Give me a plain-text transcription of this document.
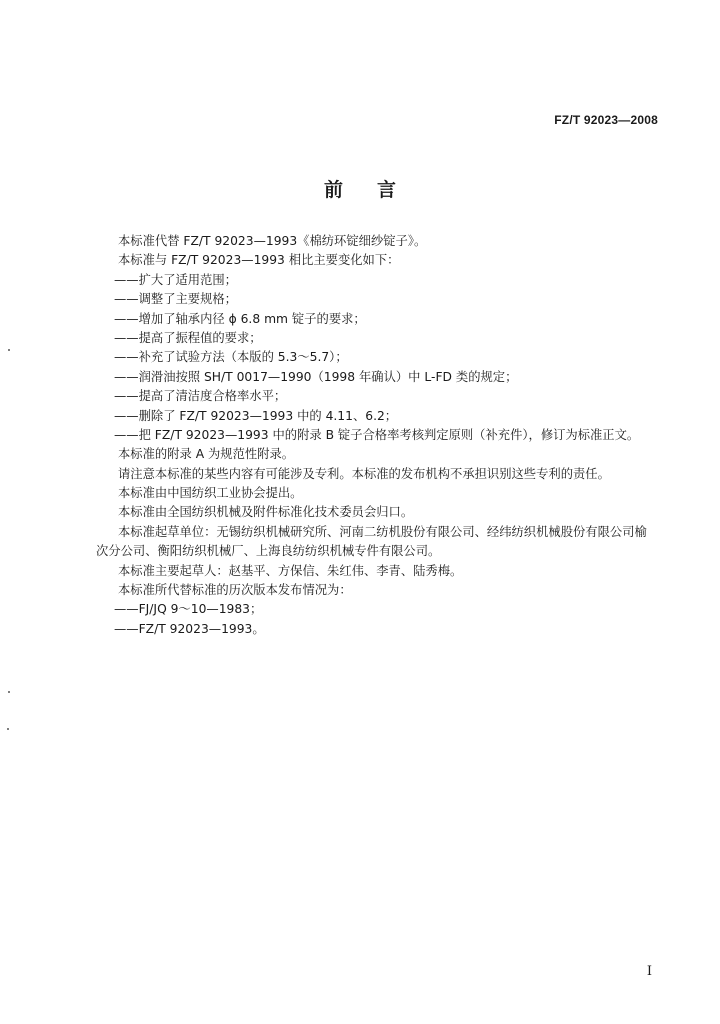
FZ/T 92023—2008
前 言
本标准代替 FZ/T 92023—1993《棉纺环锭细纱锭子》。
本标准与 FZ/T 92023—1993 相比主要变化如下：
——扩大了适用范围；
——调整了主要规格；
——增加了轴承内径 ϕ 6.8 mm 锭子的要求；
——提高了振程值的要求；
——补充了试验方法（本版的 5.3～5.7）；
——润滑油按照 SH/T 0017—1990（1998 年确认）中 L-FD 类的规定；
——提高了清洁度合格率水平；
——删除了 FZ/T 92023—1993 中的 4.11、6.2；
——把 FZ/T 92023—1993 中的附录 B 锭子合格率考核判定原则（补充件），修订为标准正文。
本标准的附录 A 为规范性附录。
请注意本标准的某些内容有可能涉及专利。本标准的发布机构不承担识别这些专利的责任。
本标准由中国纺织工业协会提出。
本标准由全国纺织机械及附件标准化技术委员会归口。
本标准起草单位：无锡纺织机械研究所、河南二纺机股份有限公司、经纬纺织机械股份有限公司榆
次分公司、衡阳纺织机械厂、上海良纺纺织机械专件有限公司。
本标准主要起草人：赵基平、方保信、朱红伟、李青、陆秀梅。
本标准所代替标准的历次版本发布情况为：
——FJ/JQ 9～10—1983；
——FZ/T 92023—1993。
I
